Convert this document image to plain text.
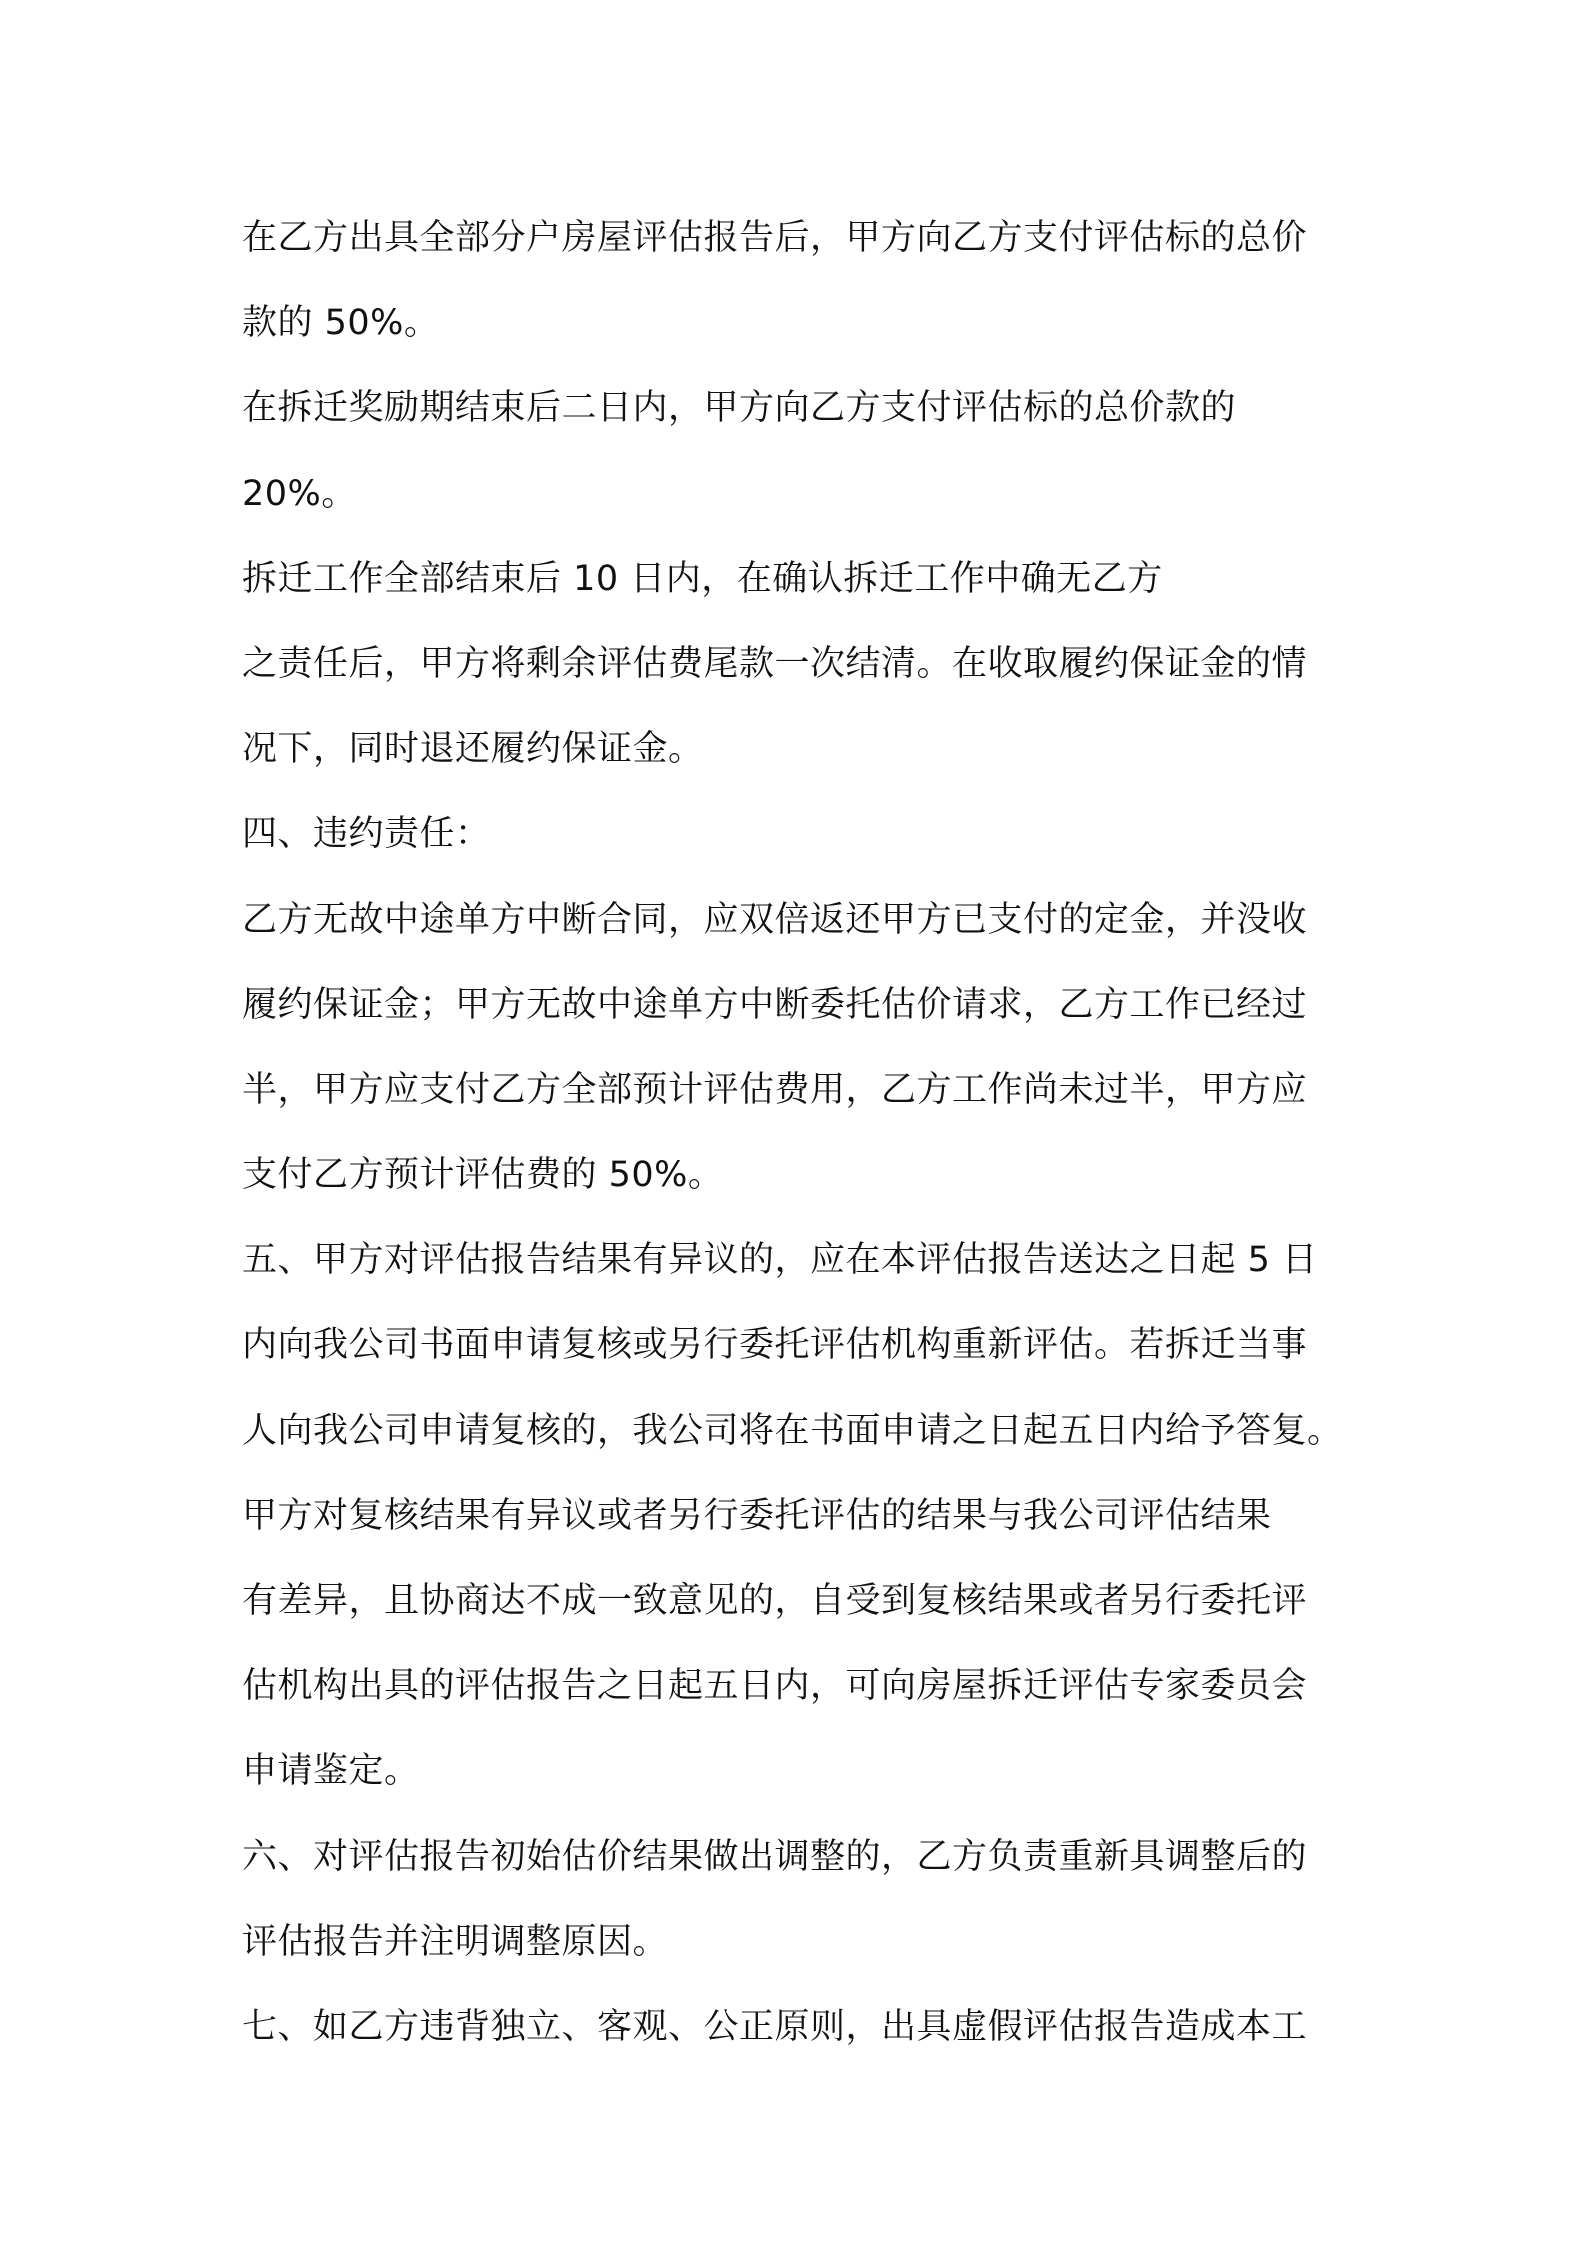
在乙方出具全部分户房屋评估报告后，甲方向乙方支付评估标的总价
款的 50%。
在拆迁奖励期结束后二日内，甲方向乙方支付评估标的总价款的
20%。
拆迁工作全部结束后 10 日内，在确认拆迁工作中确无乙方
之责任后，甲方将剩余评估费尾款一次结清。在收取履约保证金的情
况下，同时退还履约保证金。
四、违约责任：
乙方无故中途单方中断合同，应双倍返还甲方已支付的定金，并没收
履约保证金；甲方无故中途单方中断委托估价请求，乙方工作已经过
半，甲方应支付乙方全部预计评估费用，乙方工作尚未过半，甲方应
支付乙方预计评估费的 50%。
五、甲方对评估报告结果有异议的，应在本评估报告送达之日起 5 日
内向我公司书面申请复核或另行委托评估机构重新评估。若拆迁当事
人向我公司申请复核的，我公司将在书面申请之日起五日内给予答复。
甲方对复核结果有异议或者另行委托评估的结果与我公司评估结果
有差异，且协商达不成一致意见的，自受到复核结果或者另行委托评
估机构出具的评估报告之日起五日内，可向房屋拆迁评估专家委员会
申请鉴定。
六、对评估报告初始估价结果做出调整的，乙方负责重新具调整后的
评估报告并注明调整原因。
七、如乙方违背独立、客观、公正原则，出具虚假评估报告造成本工
